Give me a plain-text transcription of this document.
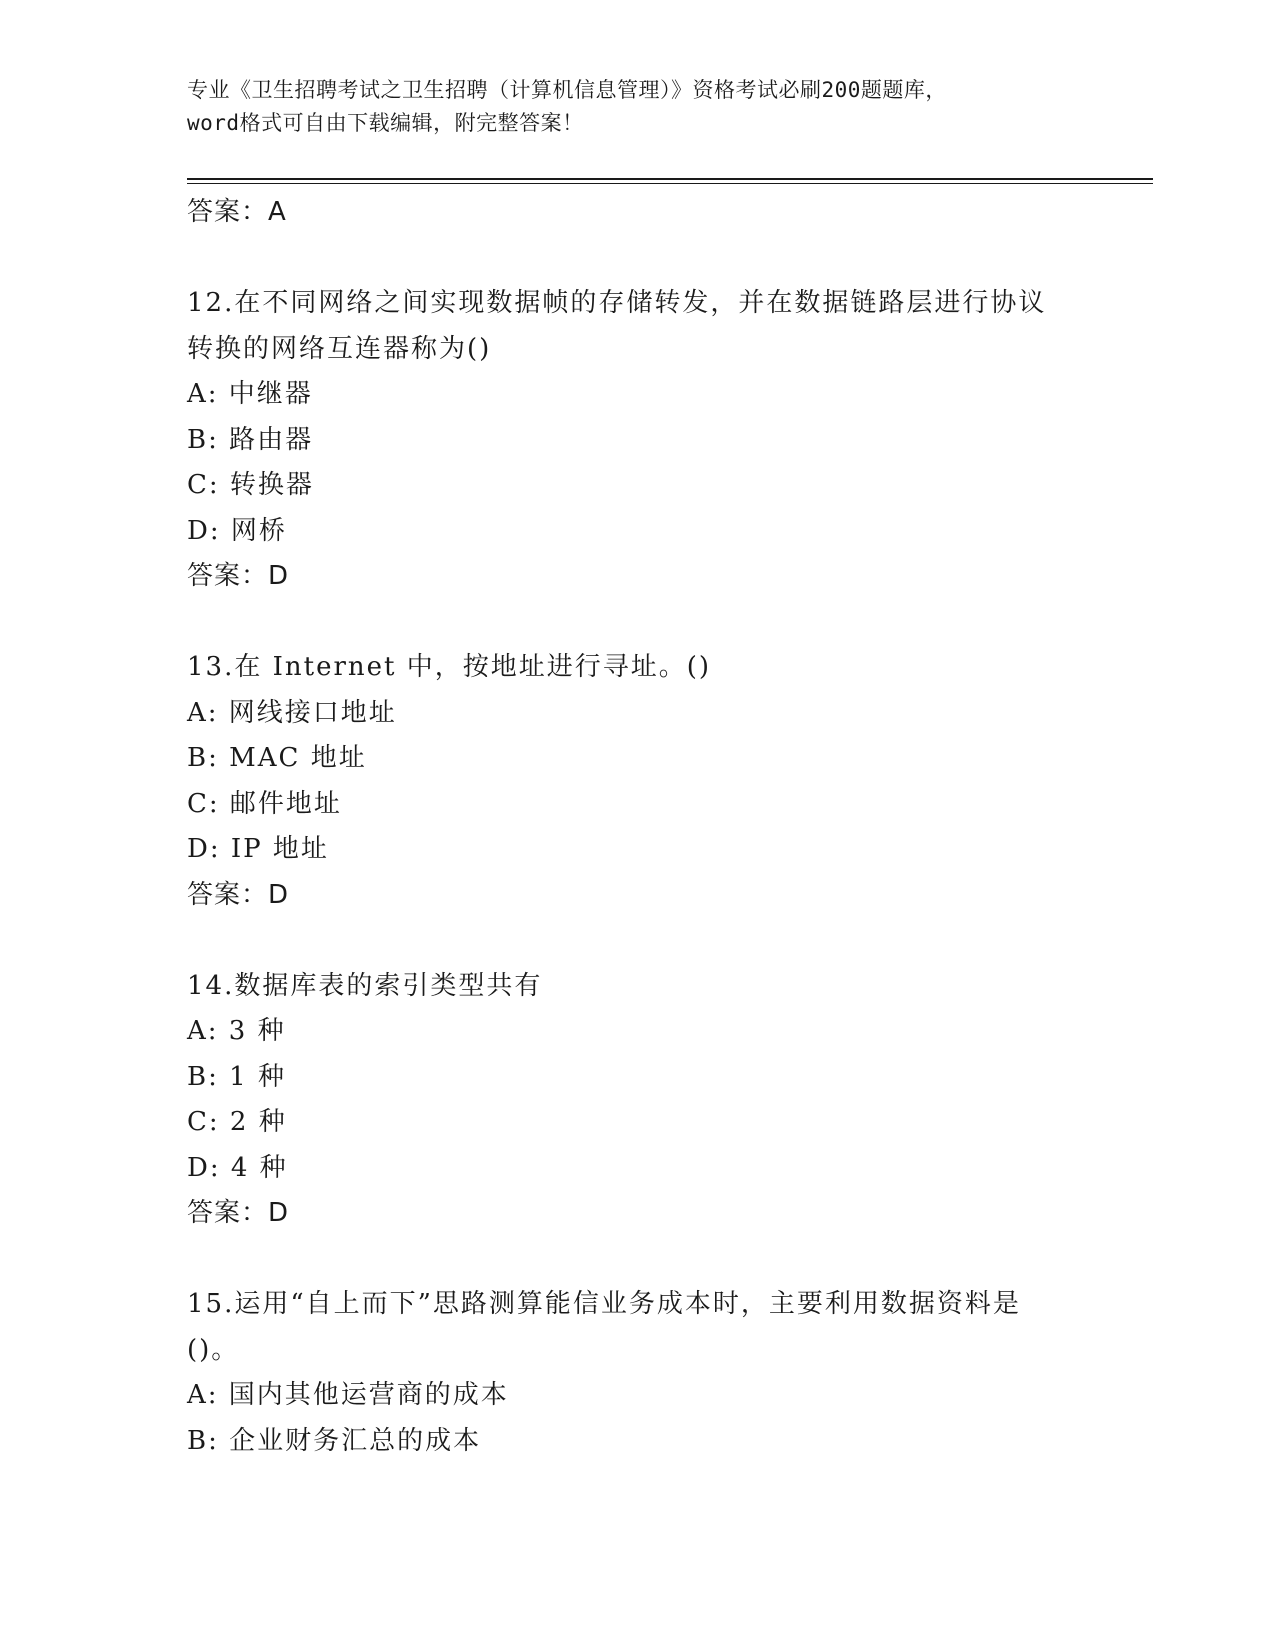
专业《卫生招聘考试之卫生招聘（计算机信息管理）》资格考试必刷200题题库，
word格式可自由下载编辑，附完整答案！
答案：A
12.在不同网络之间实现数据帧的存储转发，并在数据链路层进行协议
转换的网络互连器称为()
A: 中继器
B: 路由器
C: 转换器
D: 网桥
答案：D
13.在 Internet 中，按地址进行寻址。()
A: 网线接口地址
B: MAC 地址
C: 邮件地址
D: IP 地址
答案：D
14.数据库表的索引类型共有
A: 3 种
B: 1 种
C: 2 种
D: 4 种
答案：D
15.运用“自上而下”思路测算能信业务成本时，主要利用数据资料是
()。
A: 国内其他运营商的成本
B: 企业财务汇总的成本
